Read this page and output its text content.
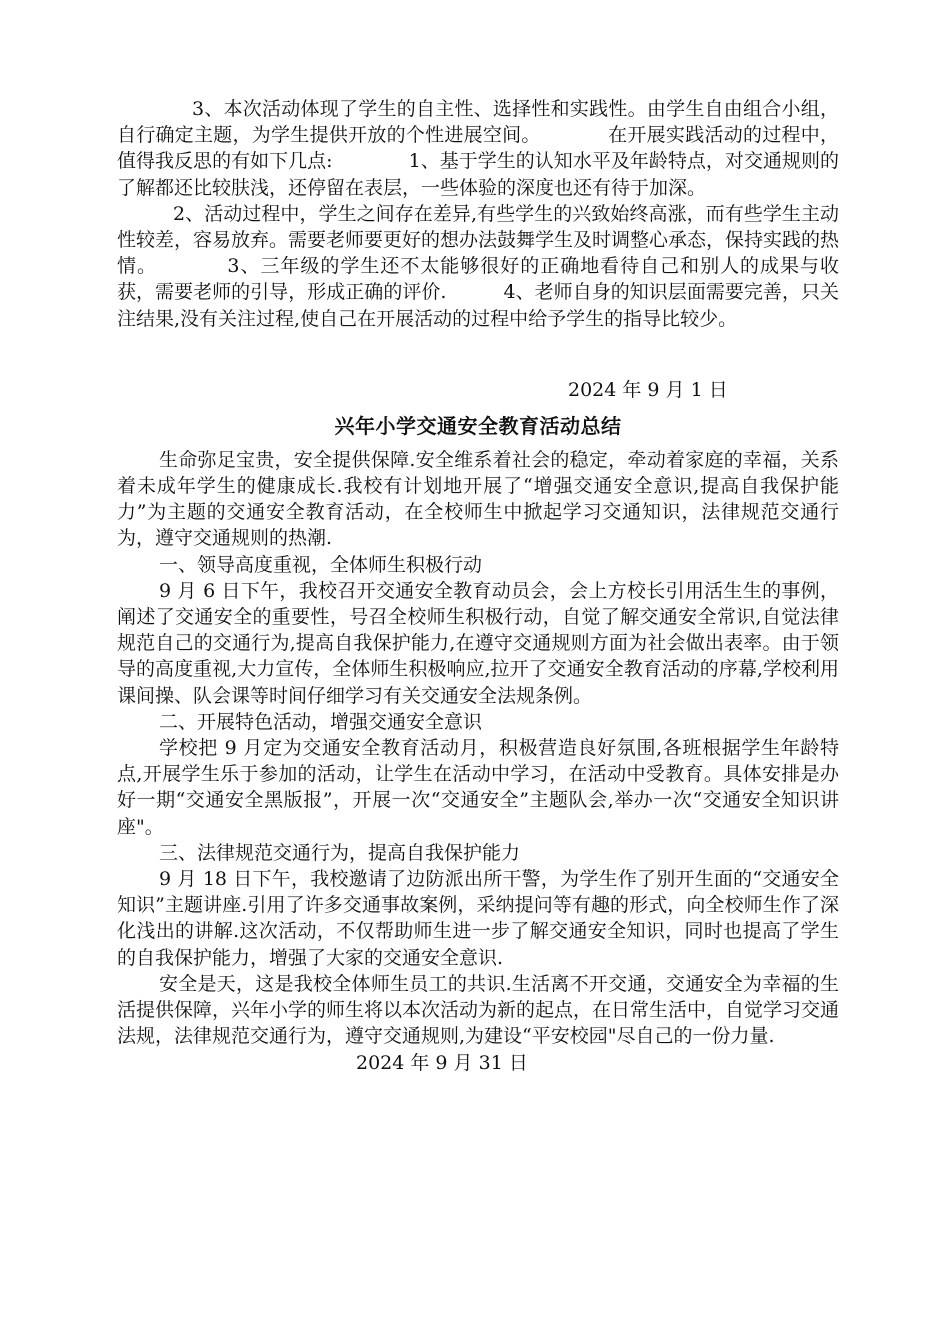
3、本次活动体现了学生的自主性、选择性和实践性。由学生自由组合小组，自行确定主题，为学生提供开放的个性进展空间。　　　　在开展实践活动的过程中，值得我反思的有如下几点:　　　　1、基于学生的认知水平及年龄特点，对交通规则的了解都还比较肤浅，还停留在表层，一些体验的深度也还有待于加深。

2、活动过程中，学生之间存在差异,有些学生的兴致始终高涨，而有些学生主动性较差，容易放弃。需要老师要更好的想办法鼓舞学生及时调整心承态，保持实践的热情。　　　　3、三年级的学生还不太能够很好的正确地看待自己和别人的成果与收获，需要老师的引导，形成正确的评价.　　　4、老师自身的知识层面需要完善，只关注结果,没有关注过程,使自己在开展活动的过程中给予学生的指导比较少。

2024 年 9 月 1 日
兴年小学交通安全教育活动总结

生命弥足宝贵，安全提供保障.安全维系着社会的稳定，牵动着家庭的幸福，关系着未成年学生的健康成长.我校有计划地开展了“增强交通安全意识,提高自我保护能力”为主题的交通安全教育活动，在全校师生中掀起学习交通知识，法律规范交通行为，遵守交通规则的热潮.

一、领导高度重视，全体师生积极行动

9 月 6 日下午，我校召开交通安全教育动员会，会上方校长引用活生生的事例，阐述了交通安全的重要性，号召全校师生积极行动，自觉了解交通安全常识,自觉法律规范自己的交通行为,提高自我保护能力,在遵守交通规则方面为社会做出表率。由于领导的高度重视,大力宣传，全体师生积极响应,拉开了交通安全教育活动的序幕,学校利用课间操、队会课等时间仔细学习有关交通安全法规条例。

二、开展特色活动，增强交通安全意识

学校把 9 月定为交通安全教育活动月，积极营造良好氛围,各班根据学生年龄特点,开展学生乐于参加的活动，让学生在活动中学习，在活动中受教育。具体安排是办好一期“交通安全黑版报”，开展一次“交通安全”主题队会,举办一次“交通安全知识讲座"。

三、法律规范交通行为，提高自我保护能力

9 月 18 日下午，我校邀请了边防派出所干警，为学生作了别开生面的“交通安全知识”主题讲座.引用了许多交通事故案例，采纳提问等有趣的形式，向全校师生作了深化浅出的讲解.这次活动，不仅帮助师生进一步了解交通安全知识，同时也提高了学生的自我保护能力，增强了大家的交通安全意识.

安全是天，这是我校全体师生员工的共识.生活离不开交通，交通安全为幸福的生活提供保障，兴年小学的师生将以本次活动为新的起点，在日常生活中，自觉学习交通法规，法律规范交通行为，遵守交通规则,为建设“平安校园"尽自己的一份力量.

2024 年 9 月 31 日
